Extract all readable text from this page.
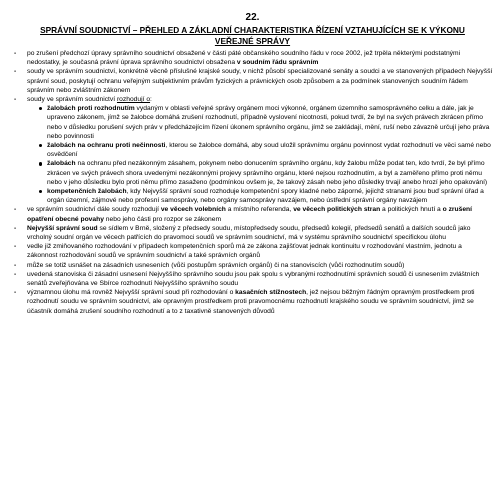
22.
SPRÁVNÍ SOUDNICTVÍ – PŘEHLED A ZÁKLADNÍ CHARAKTERISTIKA ŘÍZENÍ VZTAHUJÍCÍCH SE K VÝKONU VEŘEJNÉ SPRÁVY
-	po zrušení předchozí úpravy správního soudnictví obsažené v části páté občanského soudního řádu v roce 2002, jež trpěla některými podstatnými nedostatky, je současná právní úprava správního soudnictví obsažena v soudním řádu správním
-	soudy ve správním soudnictví, konkrétně věcně příslušné krajské soudy, v nichž působí specializované senáty a soudci a ve stanovených případech Nejvyšší správní soud, poskytují ochranu veřejným subjektivním právům fyzických a právnických osob způsobem a za podmínek stanovených soudním řádem správním nebo zvláštním zákonem
-	soudy ve správním soudnictví rozhodují o:
žalobách proti rozhodnutím vydaným v oblasti veřejné správy orgánem moci výkonné, orgánem územního samosprávného celku a dále, jak je upraveno zákonem, jímž se žalobce domáhá zrušení rozhodnutí, případně vyslovení nicotnosti, pokud tvrdí, že byl na svých právech zkrácen přímo nebo v důsledku porušení svých práv v předcházejícím řízení úkonem správního orgánu, jímž se zakládají, mění, ruší nebo závazně určují jeho práva nebo povinnosti
žalobách na ochranu proti nečinnosti, kterou se žalobce domáhá, aby soud uložil správnímu orgánu povinnost vydat rozhodnutí ve věci samé nebo osvědčení
žalobách na ochranu před nezákonným zásahem, pokynem nebo donucením správního orgánu, kdy žalobu může podat ten, kdo tvrdí, že byl přímo zkrácen ve svých právech shora uvedenými nezákonnými projevy správního orgánu, které nejsou rozhodnutím, a byl a zaměřeno přímo proti němu nebo v jeho důsledku bylo proti němu přímo zasaženo (podmínkou ovšem je, že takový zásah nebo jeho důsledky trvají anebo hrozí jeho opakování)
kompetenčních žalobách, kdy Nejvyšší správní soud rozhoduje kompetenční spory kladné nebo záporné, jejichž stranami jsou buď správní úřad a orgán územní, zájmové nebo profesní samosprávy, nebo orgány samosprávy navzájem, nebo ústřední správní orgány navzájem
-	ve správním soudnictví dále soudy rozhodují ve věcech volebních a místního referenda, ve věcech politických stran a politických hnutí a o zrušení opatření obecné povahy nebo jeho části pro rozpor se zákonem
-	Nejvyšší správní soud se sídlem v Brně, složený z předsedy soudu, místopředsedy soudu, předsedů kolegií, předsedů senátů a dalších soudců jako vrcholný soudní orgán ve věcech patřících do pravomoci soudů ve správním soudnictví, má v systému správního soudnictví specifickou úlohu
-	vedle již zmiňovaného rozhodování v případech kompetenčních sporů má ze zákona zajišťovat jednak kontinuitu v rozhodování vlastním, jednotu a zákonnost rozhodování soudů ve správním soudnictví a také správních orgánů
-	může se totiž usnášet na zásadních usneseních (vůči postupům správních orgánů) či na stanoviscích (vůči rozhodnutím soudů)
-	uvedená stanoviska či zásadní usnesení Nejvyššího správního soudu jsou pak spolu s vybranými rozhodnutími správních soudů či usnesením zvláštních senátů zveřejňována ve Sbírce rozhodnutí Nejvyššího správního soudu
-	významnou úlohu má rovněž Nejvyšší správní soud při rozhodování o kasačních stížnostech, jež nejsou běžným řádným opravným prostředkem proti rozhodnutí soudu ve správním soudnictví, ale opravným prostředkem proti pravomocnému rozhodnutí krajského soudu ve správním soudnictví, jímž se účastník domáhá zrušení soudního rozhodnutí a to z taxativně stanovených důvodů
